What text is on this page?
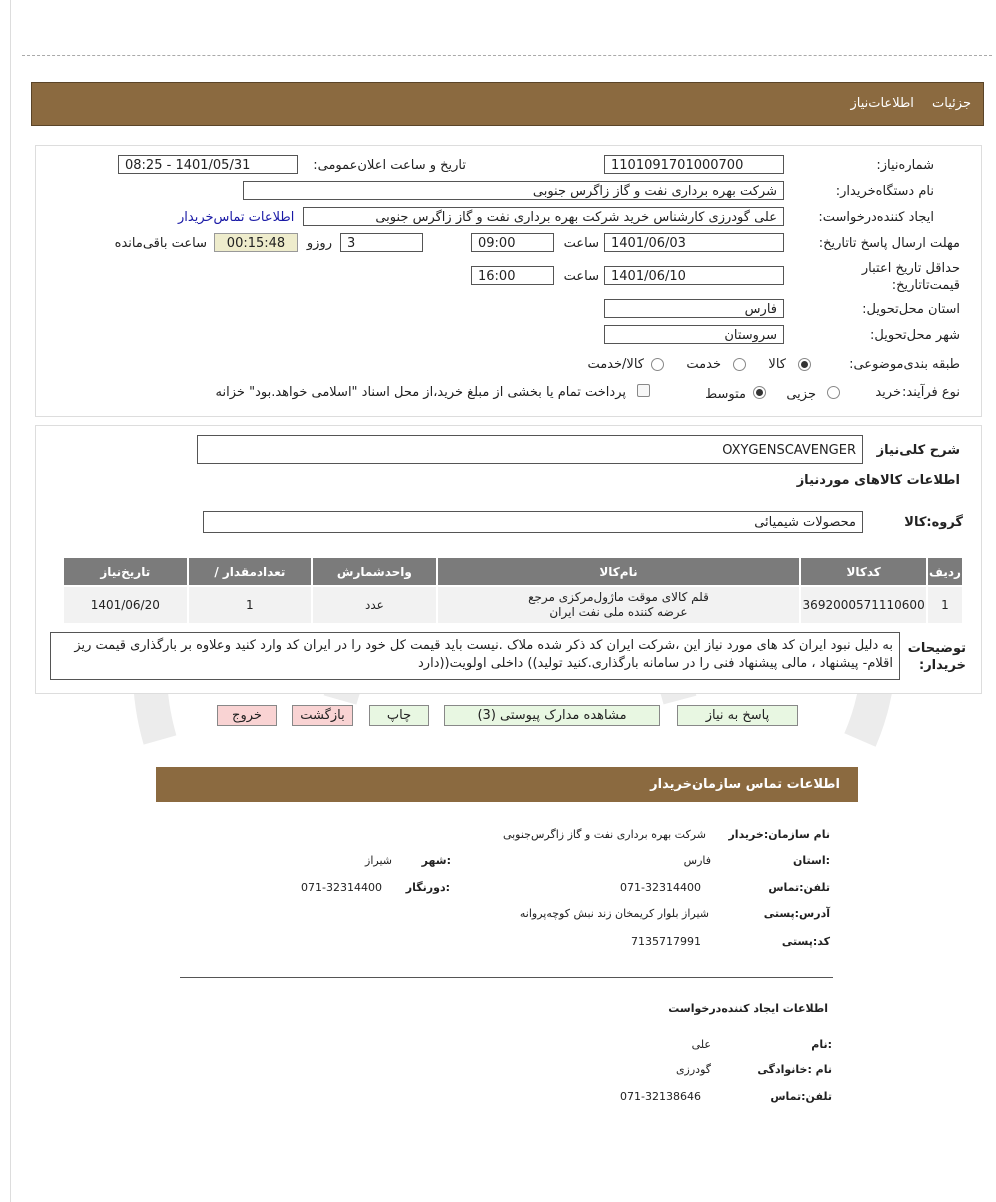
جزئیات اطلاعات‌نیاز
شماره‌نیاز:
1101091701000700
تاریخ و ساعت اعلان‌عمومی:
1401/05/31 - 08:25
نام دستگاه‌خریدار:
شرکت بهره برداری نفت و گاز زاگرس جنوبی
ایجاد کننده‌درخواست:
علی گودرزی کارشناس خرید شرکت بهره برداری نفت و گاز زاگرس جنوبی
اطلاعات تماس‌خریدار
مهلت ارسال پاسخ تا‌تاریخ:
1401/06/03
ساعت
09:00
3
روزو
00:15:48
ساعت باقی‌مانده
حداقل تاریخ اعتبار قیمت‌تا‌تاریخ:
1401/06/10
ساعت
16:00
استان محل‌تحویل:
فارس
شهر محل‌تحویل:
سروستان
طبقه بندی‌موضوعی:
کالا
خدمت
کالا/خدمت
نوع فرآیند:
خرید
جزیی
متوسط
پرداخت تمام یا بخشی از مبلغ خرید،از محل اسناد "اسلامی خواهد.بود" خزانه
شرح کلی‌نیاز
OXYGENSCAVENGER
اطلاعات کالاهای موردنیاز
گروه:کالا
محصولات شیمیائی
ردیف	کدکالا	نام‌کالا	واحدشمارش	تعدادمقدار /	تاریخ‌نیاز
1	3692000571110600	قلم کالای موقت ماژول‌مرکزی مرجع
عرضه کننده ملی نفت ایران	عدد	1	1401/06/20
توضیحات خریدار:
به دلیل نبود ایران کد های مورد نیاز این ،شرکت ایران کد ذکر شده ملاک .نیست باید قیمت کل خود را در ایران کد وارد کنید وعلاوه بر بارگذاری قیمت ریز اقلام- پیشنهاد ، مالی پیشنهاد فنی را در سامانه بارگذاری.کنید تولید)) داخلی اولویت((دارد
پاسخ به نیاز
مشاهده مدارک پیوستی (3)
چاپ
بازگشت
خروج
اطلاعات تماس سازمان‌خریدار
نام سازمان:خریدار
شرکت بهره برداری نفت و گاز زاگرس‌جنوبی
:استان
فارس
:شهر
شیراز
تلفن:تماس
071-32314400
:دورنگار
071-32314400
آدرس:پستی
شیراز بلوار کریمخان زند نبش کوچه‌پروانه
کد:پستی
7135717991
اطلاعات ایجاد کننده‌درخواست
:نام
علی
نام :خانوادگی
گودرزی
تلفن:تماس
071-32138646
